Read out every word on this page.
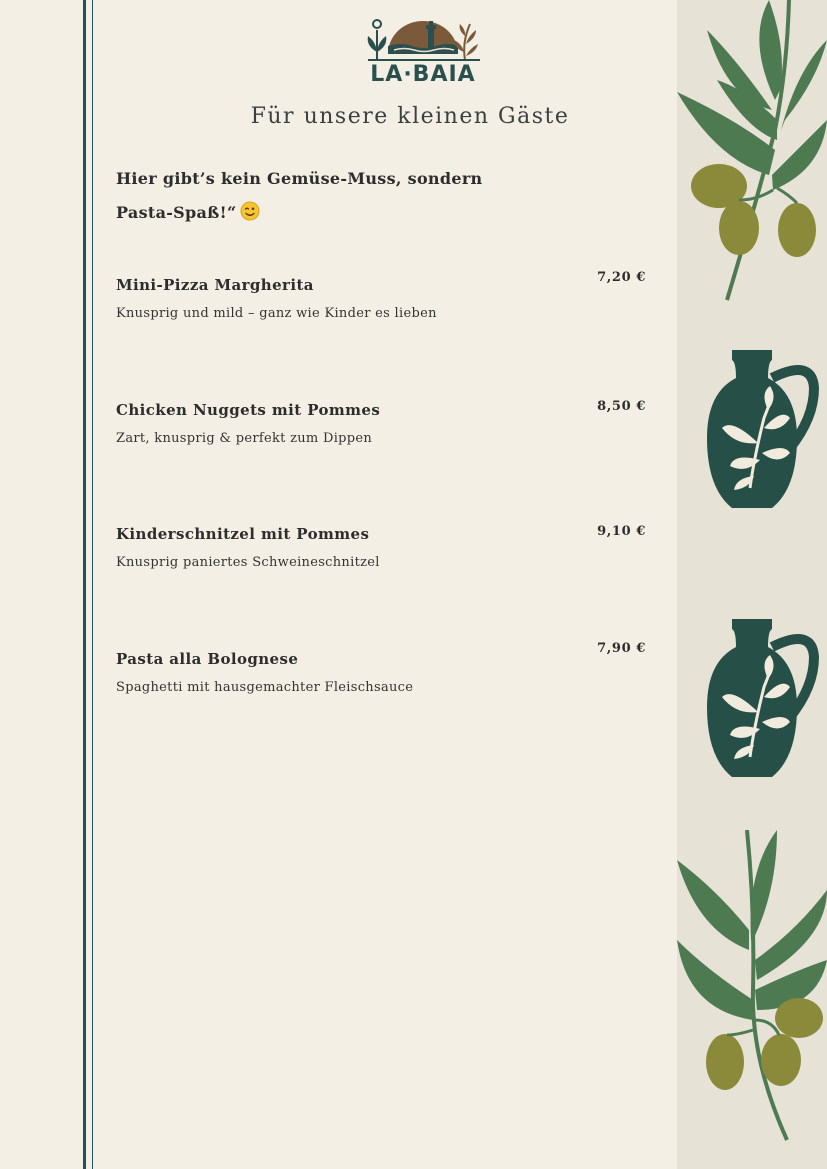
LA·BAIA
Für unsere kleinen Gäste
Hier gibt’s kein Gemüse-Muss, sondern
Pasta-Spaß!“
Mini-Pizza Margherita
Knusprig und mild – ganz wie Kinder es lieben
7,20 €
Chicken Nuggets mit Pommes
Zart, knusprig & perfekt zum Dippen
8,50 €
Kinderschnitzel mit Pommes
Knusprig paniertes Schweineschnitzel
9,10 €
Pasta alla Bolognese
Spaghetti mit hausgemachter Fleischsauce
7,90 €
